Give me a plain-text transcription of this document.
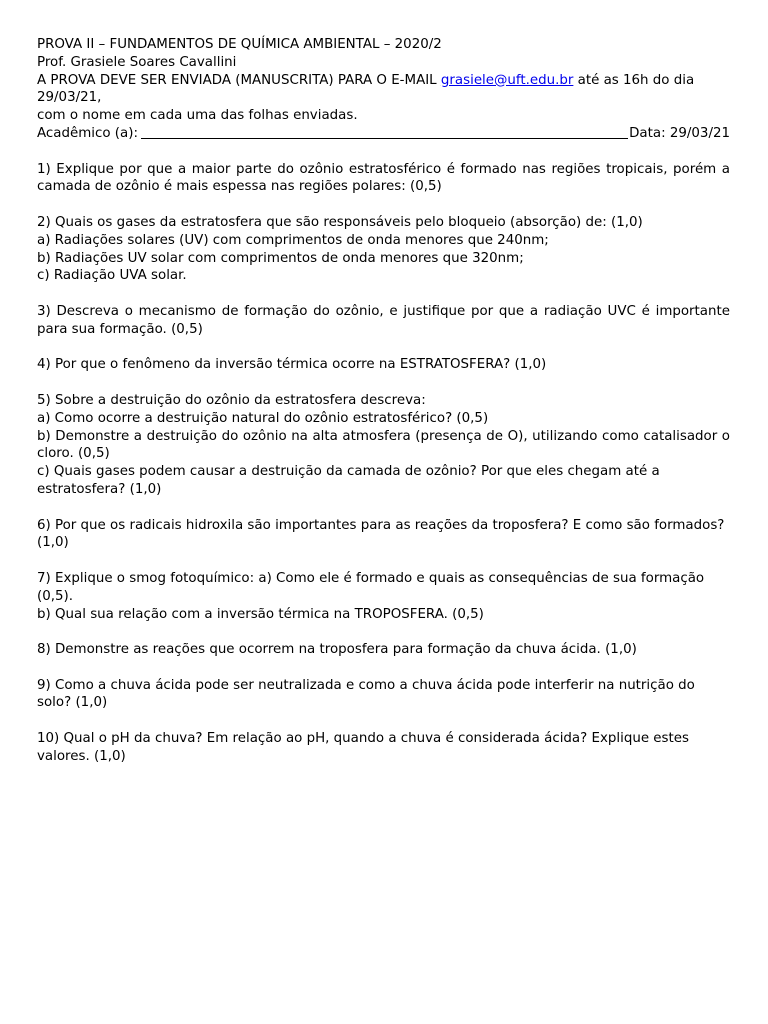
PROVA II – FUNDAMENTOS DE QUÍMICA AMBIENTAL – 2020/2

Prof. Grasiele Soares Cavallini

A PROVA DEVE SER ENVIADA (MANUSCRITA) PARA O E-MAIL grasiele@uft.edu.br até as 16h do dia 29/03/21,

com o nome em cada uma das folhas enviadas.

Acadêmico (a):	Data: 29/03/21

1) Explique por que a maior parte do ozônio estratosférico é formado nas regiões tropicais, porém a camada de ozônio é mais espessa nas regiões polares: (0,5)

2) Quais os gases da estratosfera que são responsáveis pelo bloqueio (absorção) de: (1,0)

a) Radiações solares (UV) com comprimentos de onda menores que 240nm;

b) Radiações UV solar com comprimentos de onda menores que 320nm;

c) Radiação UVA solar.

3) Descreva o mecanismo de formação do ozônio, e justifique por que a radiação UVC é importante para sua formação. (0,5)

4) Por que o fenômeno da inversão térmica ocorre na ESTRATOSFERA? (1,0)

5) Sobre a destruição do ozônio da estratosfera descreva:

a) Como ocorre a destruição natural do ozônio estratosférico? (0,5)

b) Demonstre a destruição do ozônio na alta atmosfera (presença de O), utilizando como catalisador o cloro. (0,5)

c) Quais gases podem causar a destruição da camada de ozônio? Por que eles chegam até a estratosfera? (1,0)

6) Por que os radicais hidroxila são importantes para as reações da troposfera? E como são formados? (1,0)

7) Explique o smog fotoquímico: a) Como ele é formado e quais as consequências de sua formação (0,5).

b) Qual sua relação com a inversão térmica na TROPOSFERA. (0,5)

8) Demonstre as reações que ocorrem na troposfera para formação da chuva ácida. (1,0)

9) Como a chuva ácida pode ser neutralizada e como a chuva ácida pode interferir na nutrição do solo? (1,0)

10) Qual o pH da chuva? Em relação ao pH, quando a chuva é considerada ácida? Explique estes valores. (1,0)
